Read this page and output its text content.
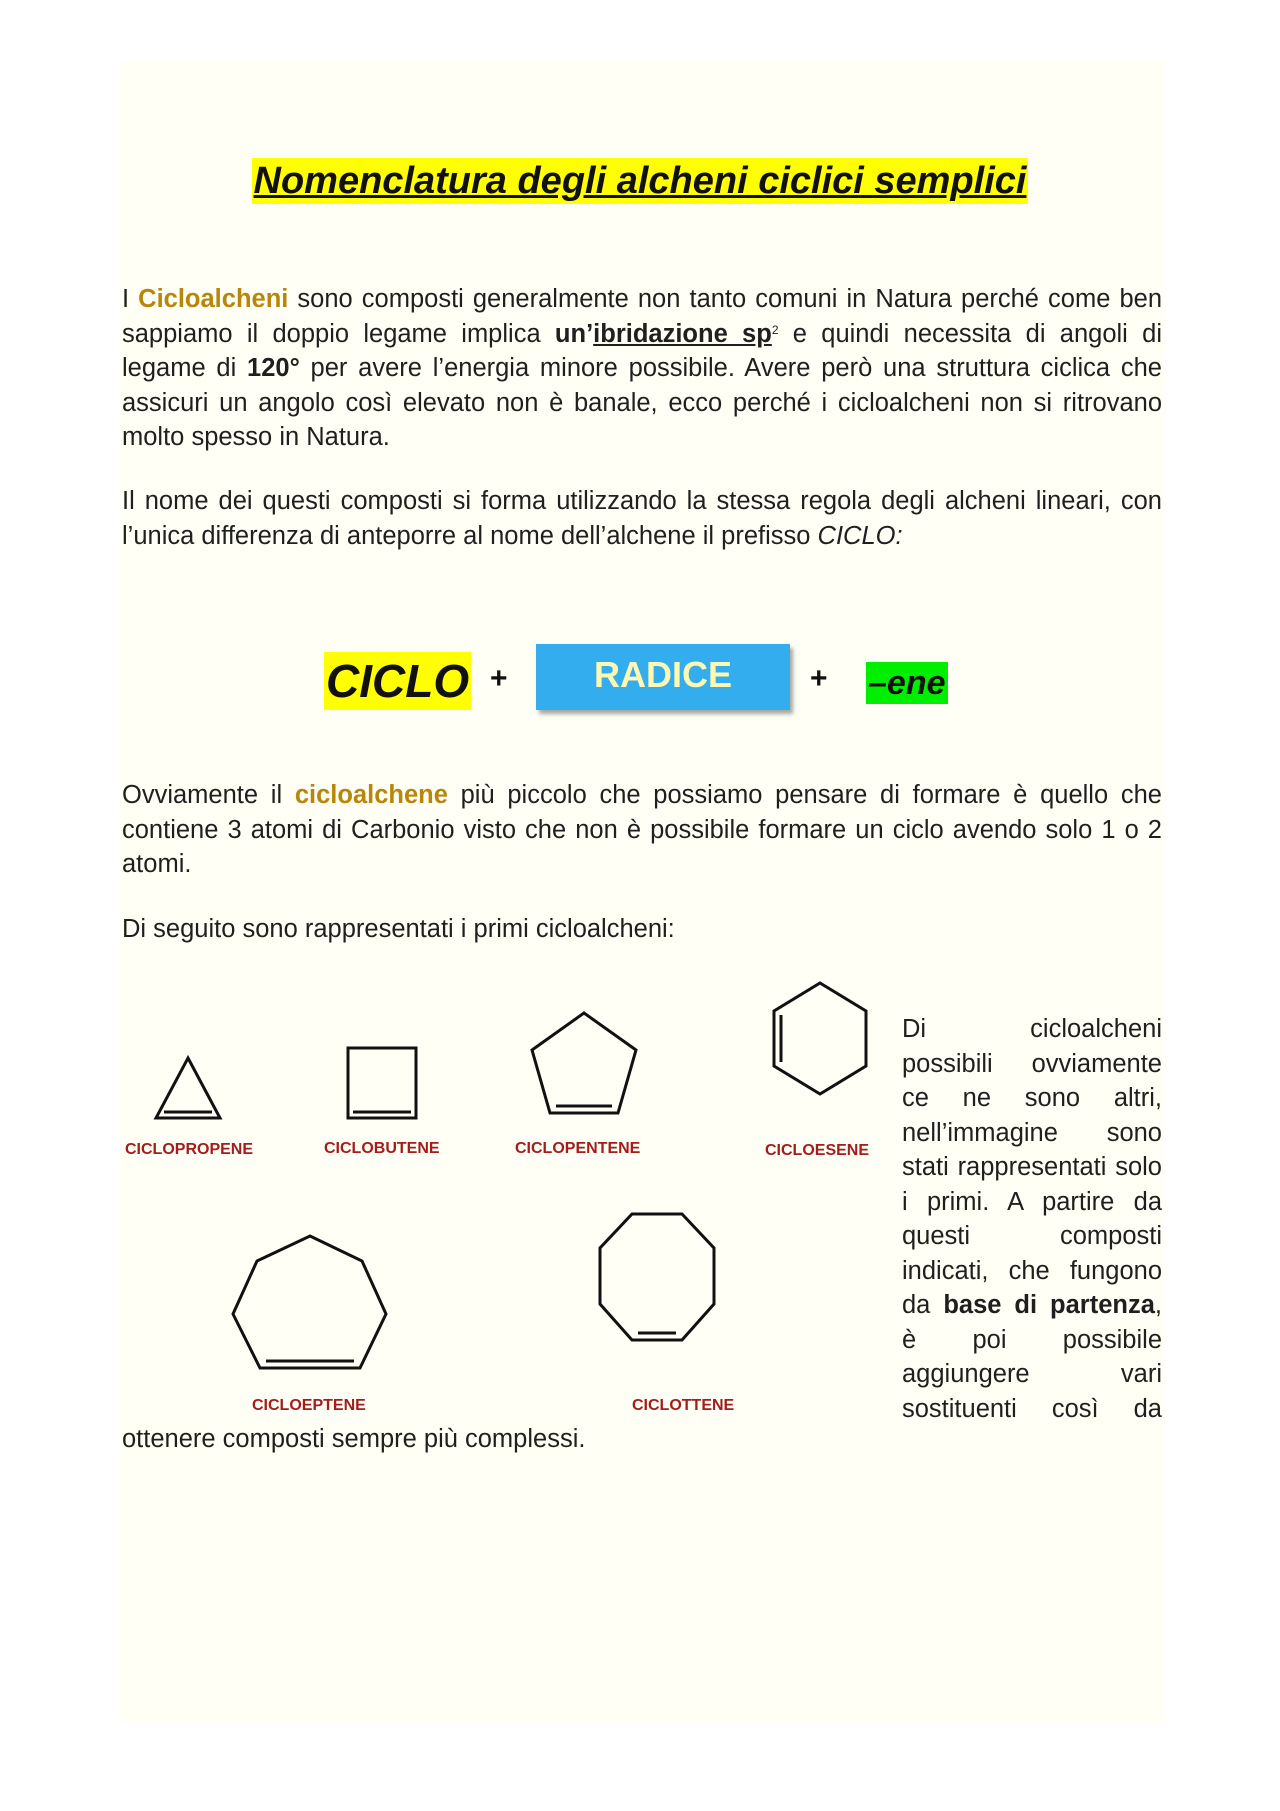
Nomenclatura degli alcheni ciclici semplici
I Cicloalcheni sono composti generalmente non tanto comuni in Natura perché come ben sappiamo il doppio legame implica un’ibridazione $sp^2$ e quindi necessita di angoli di legame di 120° per avere l’energia minore possibile. Avere però una struttura ciclica che assicuri un angolo così elevato non è banale, ecco perché i cicloalcheni non si ritrovano molto spesso in Natura.
Il nome dei questi composti si forma utilizzando la stessa regola degli alcheni lineari, con l’unica differenza di anteporre al nome dell’alchene il prefisso CICLO:
CICLO +	RADICE	+ –ene
Ovviamente il cicloalchene più piccolo che possiamo pensare di formare è quello che contiene 3 atomi di Carbonio visto che non è possibile formare un ciclo avendo solo 1 o 2 atomi.
Di seguito sono rappresentati i primi cicloalcheni:
CICLOPROPENE	CICLOBUTENE	CICLOPENTENE	CICLOESENE
CICLOEPTENE	CICLOTTENE
Di cicloalcheni possibili ovviamente ce ne sono altri, nell’immagine sono stati rappresentati solo i primi. A partire da questi composti indicati, che fungono da base di partenza, è poi possibile aggiungere vari sostituenti così da
ottenere composti sempre più complessi.
